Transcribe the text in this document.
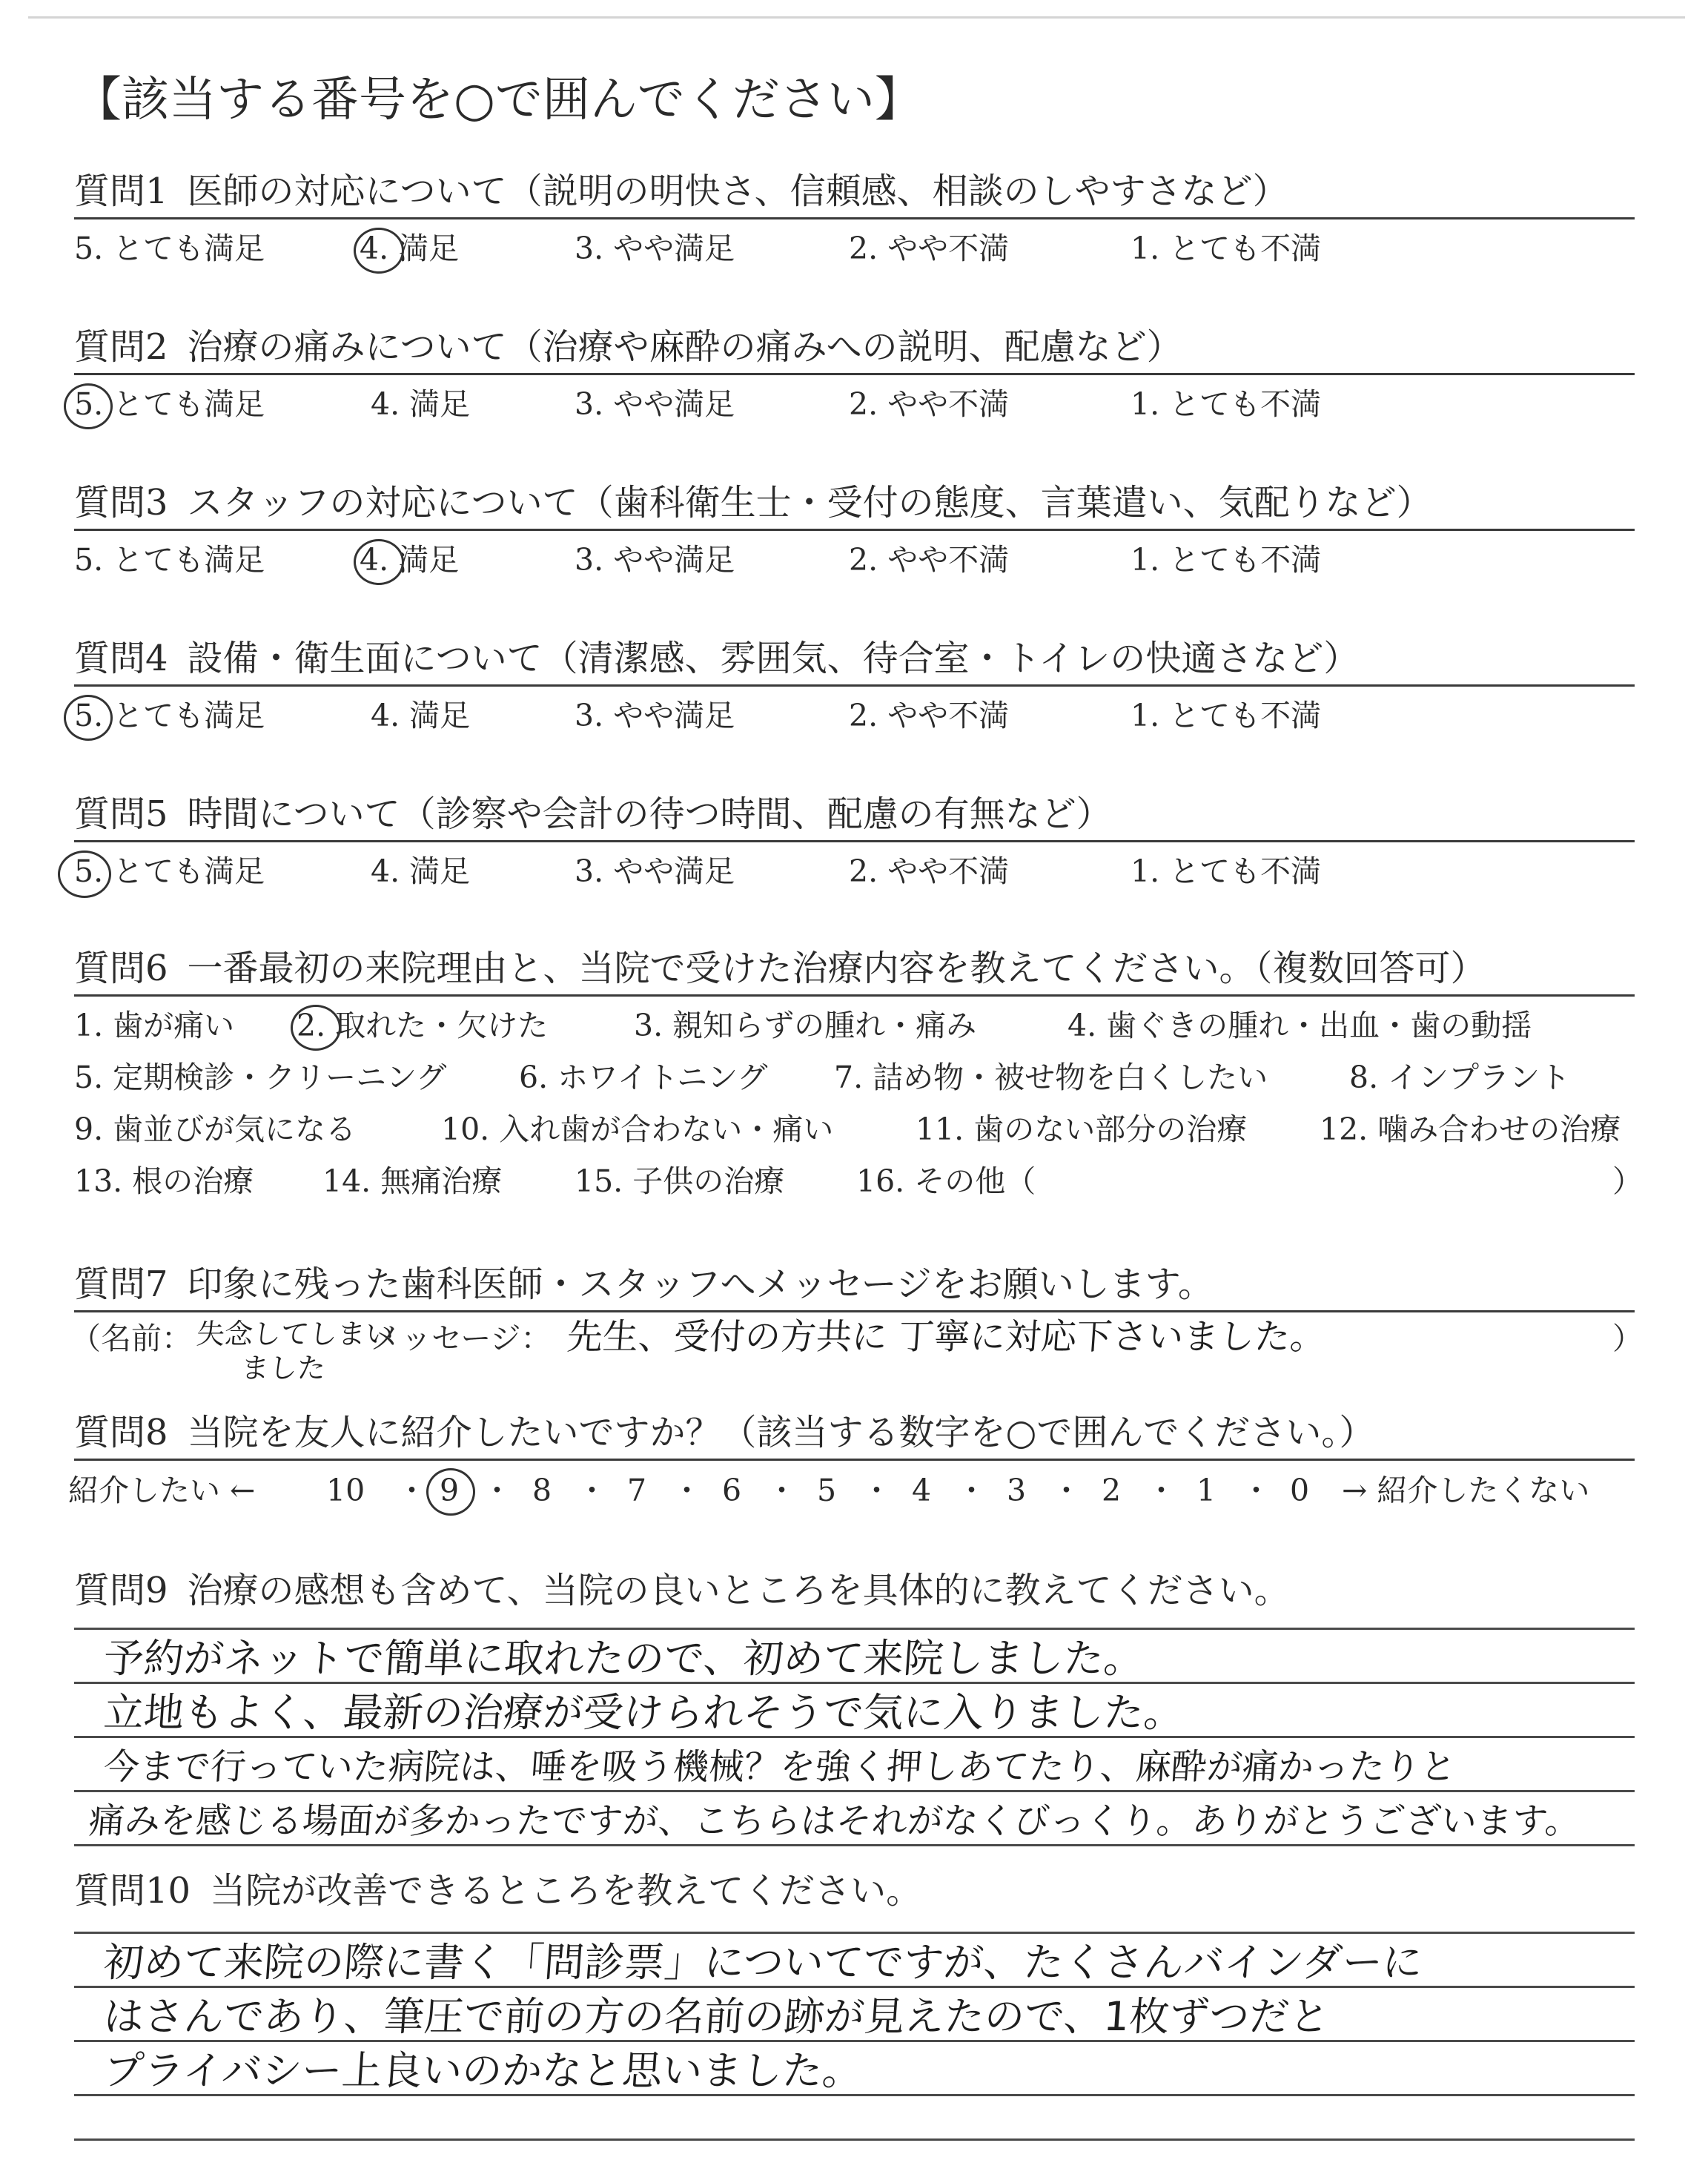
【該当する番号を○で囲んでください】
質問1 医師の対応について（説明の明快さ、信頼感、相談のしやすさなど）
5. とても満足	4. 満足	3. やや満足	2. やや不満	1. とても不満
質問2 治療の痛みについて（治療や麻酔の痛みへの説明、配慮など）
5. とても満足	4. 満足	3. やや満足	2. やや不満	1. とても不満
質問3 スタッフの対応について（歯科衛生士・受付の態度、言葉遣い、気配りなど）
5. とても満足	4. 満足	3. やや満足	2. やや不満	1. とても不満
質問4 設備・衛生面について（清潔感、雰囲気、待合室・トイレの快適さなど）
5. とても満足	4. 満足	3. やや満足	2. やや不満	1. とても不満
質問5 時間について（診察や会計の待つ時間、配慮の有無など）
5. とても満足	4. 満足	3. やや満足	2. やや不満	1. とても不満
質問6 一番最初の来院理由と、当院で受けた治療内容を教えてください。（複数回答可）
1. 歯が痛い 2. 取れた・欠けた	3. 親知らずの腫れ・痛み	4. 歯ぐきの腫れ・出血・歯の動揺
5. 定期検診・クリーニング 6. ホワイトニング 7. 詰め物・被せ物を白くしたい	8. インプラント
9. 歯並びが気になる	10. 入れ歯が合わない・痛い	11. 歯のない部分の治療 12. 噛み合わせの治療
13. 根の治療 14. 無痛治療 15. 子供の治療 16. その他（	）
質問7 印象に残った歯科医師・スタッフへメッセージをお願いします。
（名前： 失念してしまい
ました
メッセージ： 先生、受付の方共に 丁寧に対応下さいました。	）
質問8 当院を友人に紹介したいですか？（該当する数字を○で囲んでください。）
紹介したい ← 10 9 8 7 6 5 4 3 2 1 0
・ ・ ・ ・ ・ ・ ・ ・ ・ ・ → 紹介したくない
質問9 治療の感想も含めて、当院の良いところを具体的に教えてください。
予約がネットで簡単に取れたので、初めて来院しました。
立地もよく、最新の治療が受けられそうで気に入りました。
今まで行っていた病院は、唾を吸う機械？を強く押しあてたり、麻酔が痛かったりと
痛みを感じる場面が多かったですが、こちらはそれがなくびっくり。ありがとうございます。
質問10 当院が改善できるところを教えてください。
初めて来院の際に書く「問診票」についてですが、たくさんバインダーに
はさんであり、筆圧で前の方の名前の跡が見えたので、1枚ずつだと
プライバシー上良いのかなと思いました。
